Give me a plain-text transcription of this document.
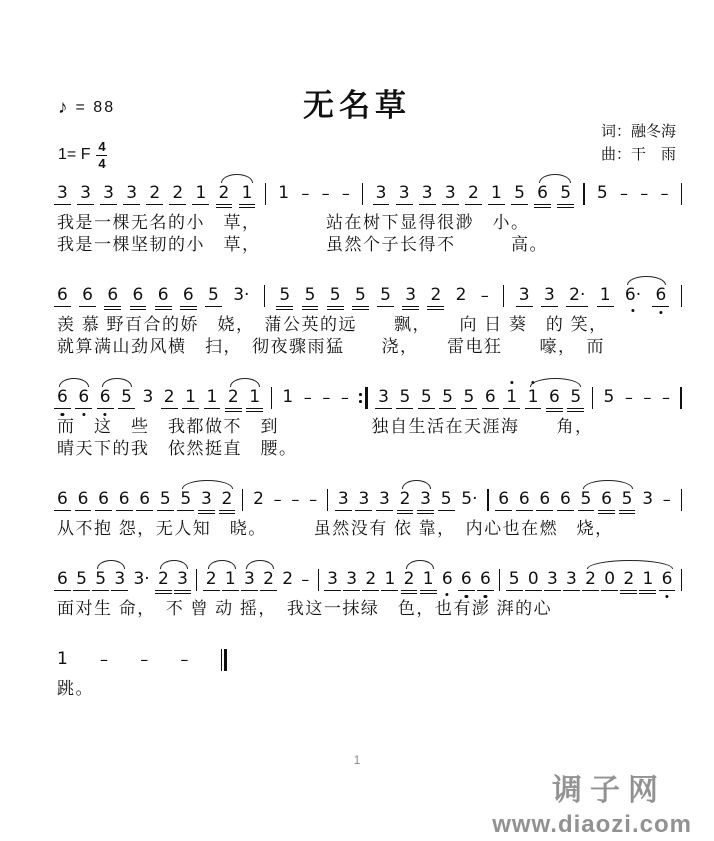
无名草
♪ = 88
1= F 4
4
词：融冬海
曲：干　雨
3 3 3 3 2 2 1 2 1 1 – – – 3 3 3 3 2 1 5 6 5 5 – – –
我是一棵无名的小　草，　　　　站在树下显得很渺　小。
我是一棵坚韧的小　草，　　　　虽然个子长得不　　　高。
6 6 6 6 6 6 5 3· 5 5 5 5 5 3 2 2 – 3 3 2· 1 6· 6
羡 慕 野百合的娇　娆，　蒲公英的远　　飘，　　向 日 葵　的 笑，
就算满山劲风横　扫，　彻夜骤雨猛　　浇，　　雷电狂　　嚎，　而
6 6 6 5 3 2 1 1 2 1 1 – – – 3 5 5 5 5 6 1 1 6 5 5 – – –
而　这　些　我都做不　到　　　　　独自生活在天涯海　　角，
晴天下的我　依然挺直　腰。
6 6 6 6 6 5 5 3 2 2 – – – 3 3 3 2 3 5 5· 6 6 6 6 5 6 5 3 –
从不抱 怨，无人知　晓。　　　虽然没有 依 靠，　内心也在燃　烧，
6 5 5 3 3· 2 3 2 1 3 2 2 – 3 3 2 1 2 1 6 6 6 5 0 3 3 2 0 2 1 6
面对生 命，　不 曾 动 摇，　我这一抹绿　色，也有澎 湃的心
1 – – –
跳。
1
调子网
www.diaozi.com
